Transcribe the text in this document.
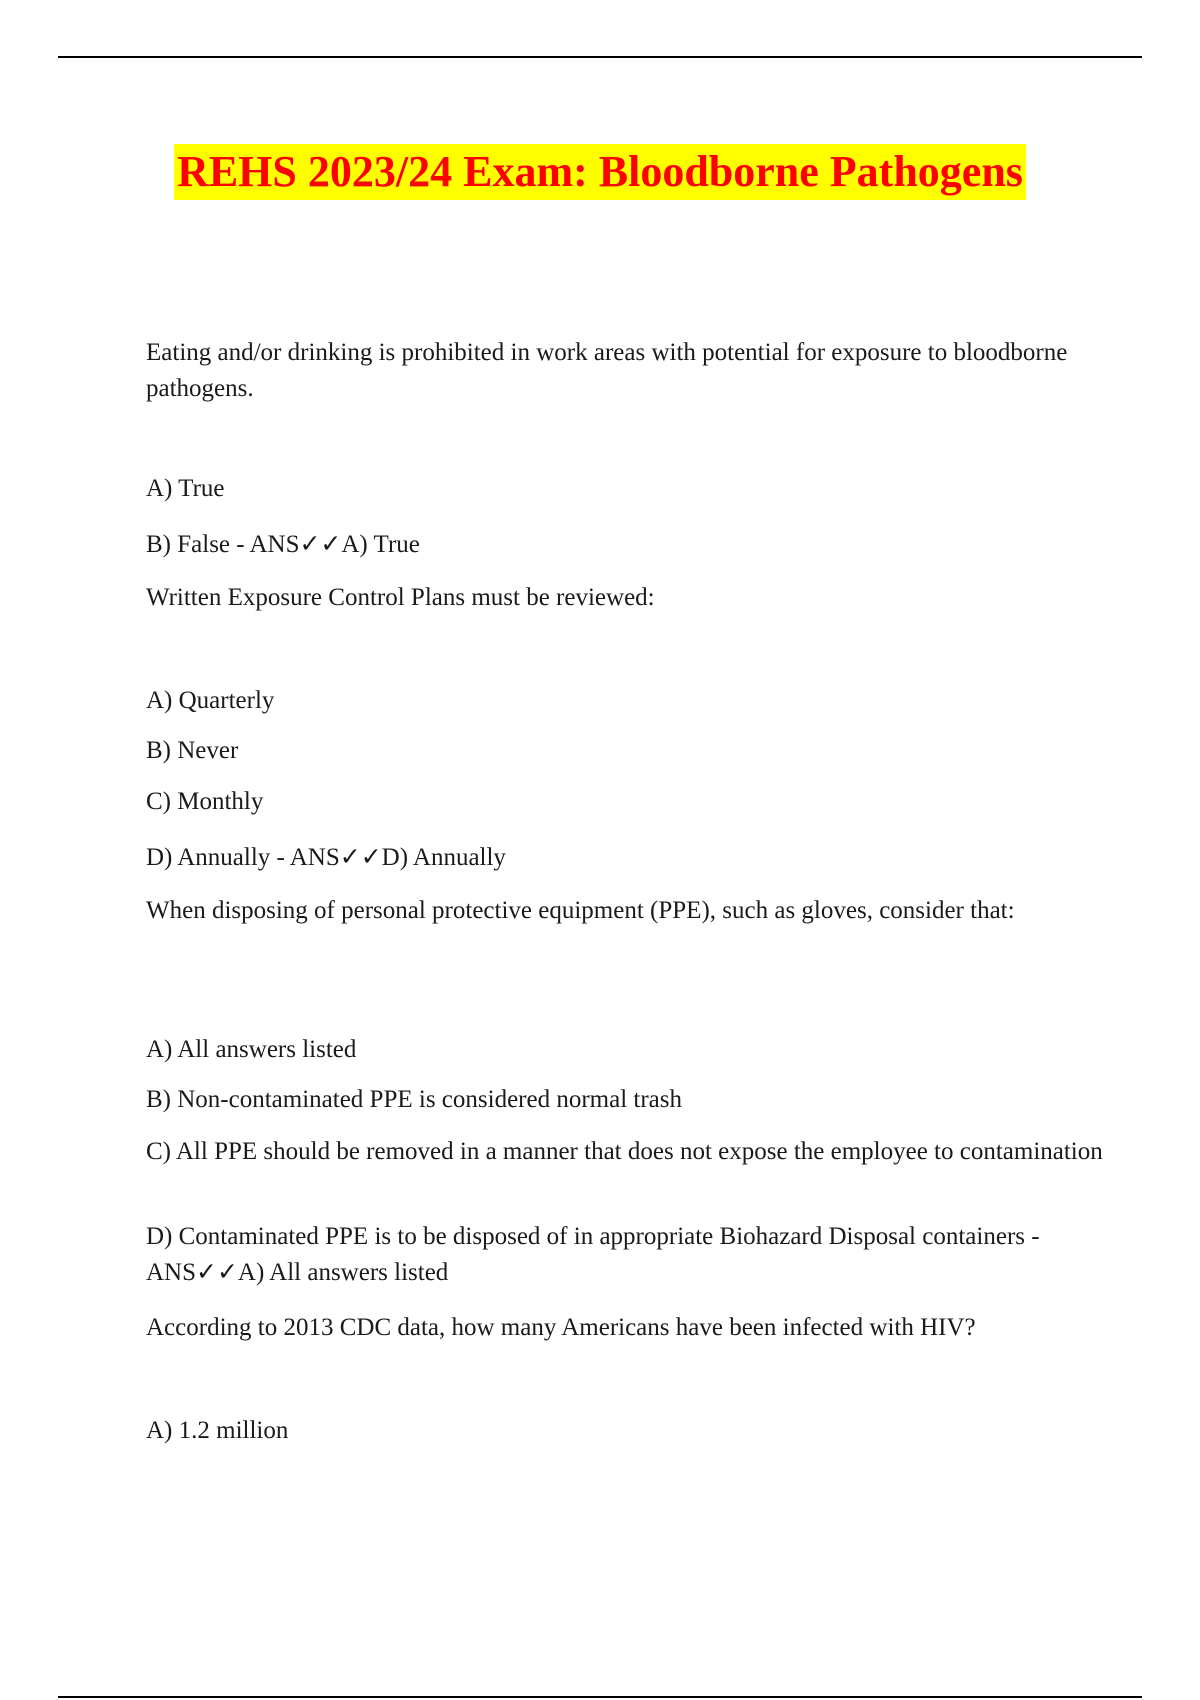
REHS 2023/24 Exam: Bloodborne Pathogens

Eating and/or drinking is prohibited in work areas with potential for exposure to bloodborne pathogens.

A) True

B) False - ANS✓✓A) True

Written Exposure Control Plans must be reviewed:

A) Quarterly

B) Never

C) Monthly

D) Annually - ANS✓✓D) Annually

When disposing of personal protective equipment (PPE), such as gloves, consider that:

A) All answers listed

B) Non-contaminated PPE is considered normal trash

C) All PPE should be removed in a manner that does not expose the employee to contamination

D) Contaminated PPE is to be disposed of in appropriate Biohazard Disposal containers - ANS✓✓A) All answers listed

According to 2013 CDC data, how many Americans have been infected with HIV?

A) 1.2 million
